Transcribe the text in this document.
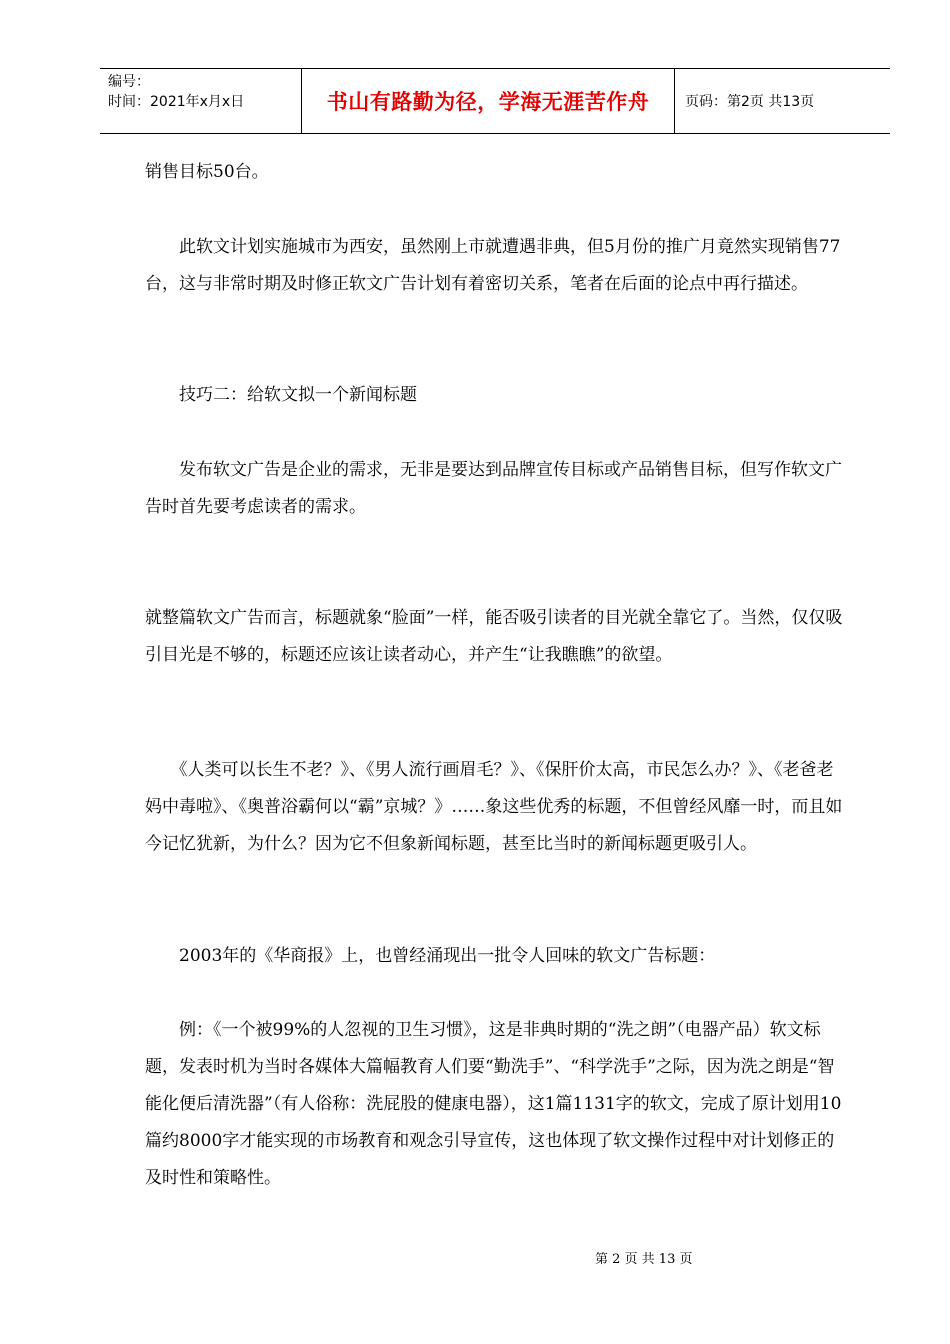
编号：
时间：2021年x月x日	书山有路勤为径，学海无涯苦作舟	页码：第2页 共13页

销售目标50台。

　　此软文计划实施城市为西安，虽然刚上市就遭遇非典，但5月份的推广月竟然实现销售77台，这与非常时期及时修正软文广告计划有着密切关系，笔者在后面的论点中再行描述。

　　技巧二：给软文拟一个新闻标题

　　发布软文广告是企业的需求，无非是要达到品牌宣传目标或产品销售目标，但写作软文广告时首先要考虑读者的需求。

就整篇软文广告而言，标题就象“脸面”一样，能否吸引读者的目光就全靠它了。当然，仅仅吸引目光是不够的，标题还应该让读者动心，并产生“让我瞧瞧”的欲望。

　　《人类可以长生不老？》、《男人流行画眉毛？》、《保肝价太高，市民怎么办？》、《老爸老妈中毒啦》、《奥普浴霸何以“霸”京城？》……象这些优秀的标题，不但曾经风靡一时，而且如今记忆犹新，为什么？因为它不但象新闻标题，甚至比当时的新闻标题更吸引人。

　　2003年的《华商报》上，也曾经涌现出一批令人回味的软文广告标题：

　　例：《一个被99%的人忽视的卫生习惯》，这是非典时期的“洗之朗”（电器产品）软文标题，发表时机为当时各媒体大篇幅教育人们要“勤洗手”、“科学洗手”之际，因为洗之朗是“智能化便后清洗器”（有人俗称：洗屁股的健康电器），这1篇1131字的软文，完成了原计划用10篇约8000字才能实现的市场教育和观念引导宣传，这也体现了软文操作过程中对计划修正的及时性和策略性。

第 2 页 共 13 页
